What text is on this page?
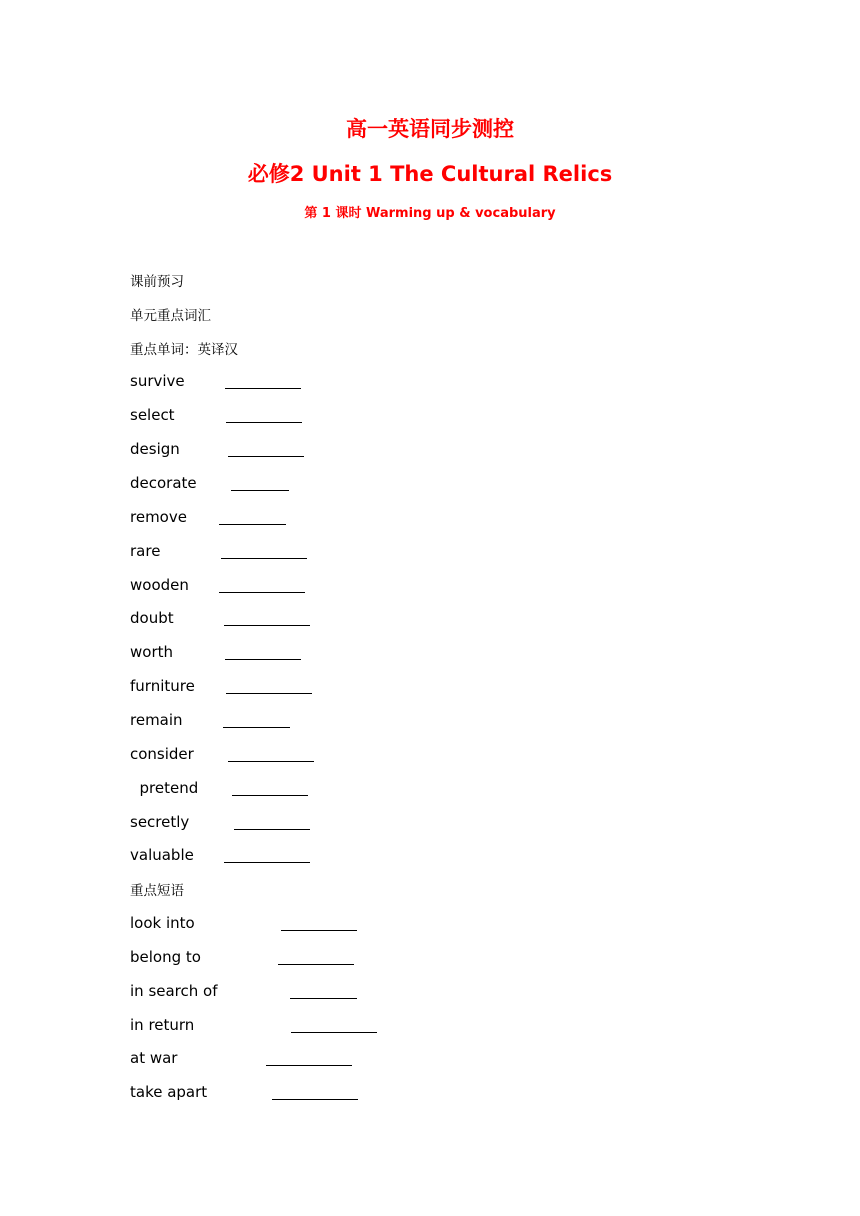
高一英语同步测控
必修2 Unit 1 The Cultural Relics
第 1 课时 Warming up & vocabulary
课前预习
单元重点词汇
重点单词：英译汉
survive
select
design
decorate
remove
rare
wooden
doubt
worth
furniture
remain
consider
pretend
secretly
valuable
重点短语
look into
belong to
in search of
in return
at war
take apart
